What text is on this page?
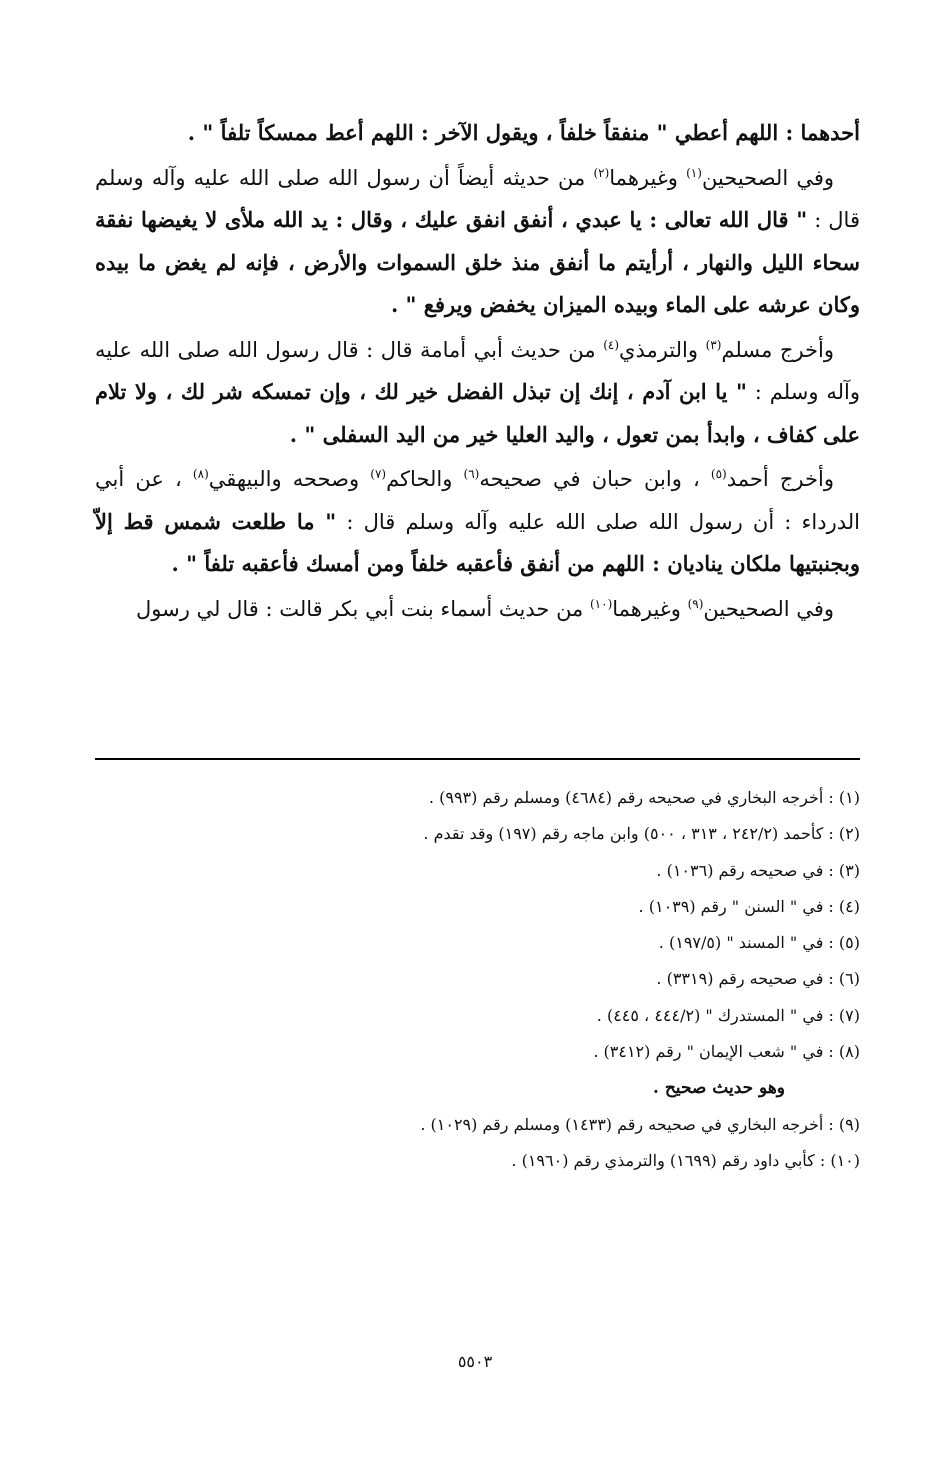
أحدهما : اللهم أعطي " منفقاً خلفاً ، ويقول الآخر : اللهم أعط ممسكاً تلفاً " .

وفي الصحيحين$^{(١)}$ وغيرهما$^{(٢)}$ من حديثه أيضاً أن رسول الله صلى الله عليه وآله وسلم قال : " قال الله تعالى : يا عبدي ، أنفق انفق عليك ، وقال : يد الله ملأى لا يغيضها نفقة سحاء الليل والنهار ، أرأيتم ما أنفق منذ خلق السموات والأرض ، فإنه لم يغض ما بيده وكان عرشه على الماء وبيده الميزان يخفض ويرفع " .

وأخرج مسلم$^{(٣)}$ والترمذي$^{(٤)}$ من حديث أبي أمامة قال : قال رسول الله صلى الله عليه وآله وسلم : " يا ابن آدم ، إنك إن تبذل الفضل خير لك ، وإن تمسكه شر لك ، ولا تلام على كفاف ، وابدأ بمن تعول ، واليد العليا خير من اليد السفلى " .

وأخرج أحمد$^{(٥)}$ ، وابن حبان في صحيحه$^{(٦)}$ والحاكم$^{(٧)}$ وصححه والبيهقي$^{(٨)}$ ، عن أبي الدرداء : أن رسول الله صلى الله عليه وآله وسلم قال : " ما طلعت شمس قط إلاّ وبجنبتيها ملكان يناديان : اللهم من أنفق فأعقبه خلفاً ومن أمسك فأعقبه تلفاً " .

وفي الصحيحين$^{(٩)}$ وغيرهما$^{(١٠)}$ من حديث أسماء بنت أبي بكر قالت : قال لي رسول

(١) : أخرجه البخاري في صحيحه رقم (٤٦٨٤) ومسلم رقم (٩٩٣) .

(٢) : كأحمد (٢٤٢/٢ ، ٣١٣ ، ٥٠٠) وابن ماجه رقم (١٩٧) وقد تقدم .

(٣) : في صحيحه رقم (١٠٣٦) .

(٤) : في " السنن " رقم (١٠٣٩) .

(٥) : في " المسند " (١٩٧/٥) .

(٦) : في صحيحه رقم (٣٣١٩) .

(٧) : في " المستدرك " (٤٤٤/٢ ، ٤٤٥) .

(٨) : في " شعب الإيمان " رقم (٣٤١٢) .

وهو حديث صحيح .

(٩) : أخرجه البخاري في صحيحه رقم (١٤٣٣) ومسلم رقم (١٠٢٩) .

(١٠) : كأبي داود رقم (١٦٩٩) والترمذي رقم (١٩٦٠) .

٥٥٠٣
